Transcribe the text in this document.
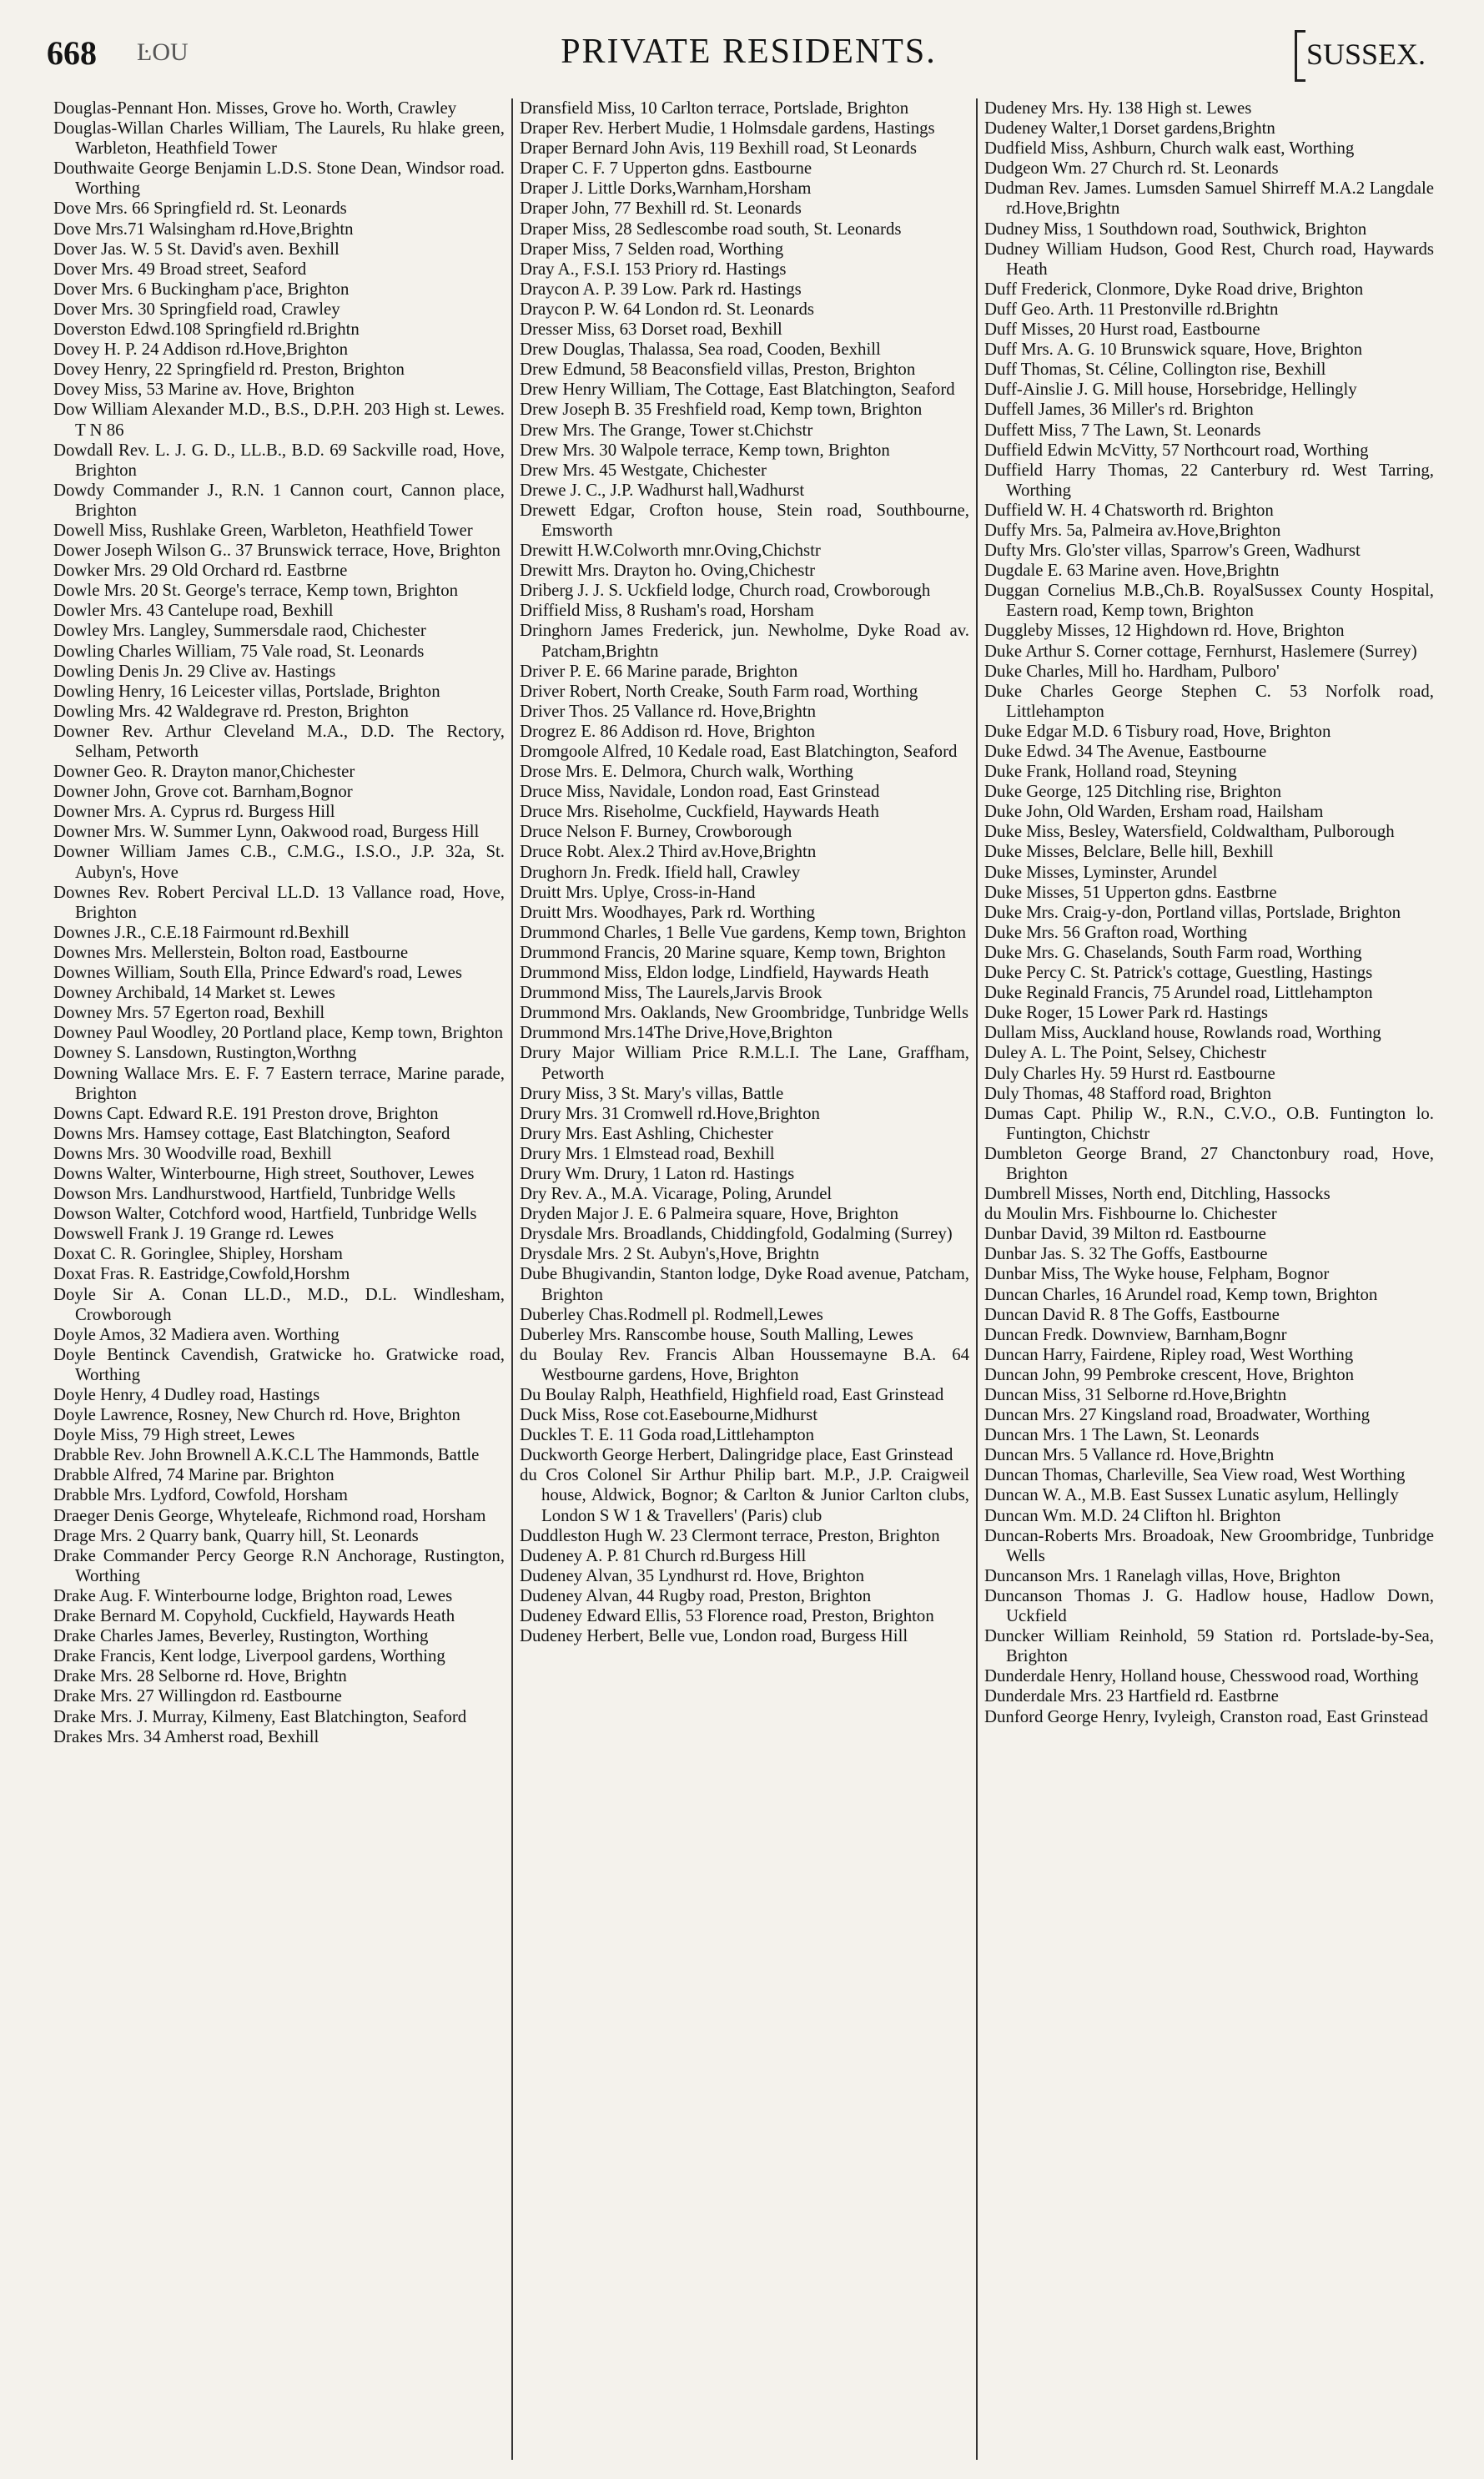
668 ĿOU	PRIVATE RESIDENTS.	SUSSEX.
Douglas-Pennant Hon. Misses, Grove ho. Worth, Crawley
Douglas-Willan Charles William, The Laurels, Ru hlake green, Warbleton, Heathfield Tower
Douthwaite George Benjamin L.D.S. Stone Dean, Windsor road. Worthing
Dove Mrs. 66 Springfield rd. St. Leonards
Dove Mrs.71 Walsingham rd.Hove,Brightn
Dover Jas. W. 5 St. David's aven. Bexhill
Dover Mrs. 49 Broad street, Seaford
Dover Mrs. 6 Buckingham p'ace, Brighton
Dover Mrs. 30 Springfield road, Crawley
Doverston Edwd.108 Springfield rd.Brightn
Dovey H. P. 24 Addison rd.Hove,Brighton
Dovey Henry, 22 Springfield rd. Preston, Brighton
Dovey Miss, 53 Marine av. Hove, Brighton
Dow William Alexander M.D., B.S., D.P.H. 203 High st. Lewes. T N 86
Dowdall Rev. L. J. G. D., LL.B., B.D. 69 Sackville road, Hove, Brighton
Dowdy Commander J., R.N. 1 Cannon court, Cannon place, Brighton
Dowell Miss, Rushlake Green, Warbleton, Heathfield Tower
Dower Joseph Wilson G.. 37 Brunswick terrace, Hove, Brighton
Dowker Mrs. 29 Old Orchard rd. Eastbrne
Dowle Mrs. 20 St. George's terrace, Kemp town, Brighton
Dowler Mrs. 43 Cantelupe road, Bexhill
Dowley Mrs. Langley, Summersdale raod, Chichester
Dowling Charles William, 75 Vale road, St. Leonards
Dowling Denis Jn. 29 Clive av. Hastings
Dowling Henry, 16 Leicester villas, Portslade, Brighton
Dowling Mrs. 42 Waldegrave rd. Preston, Brighton
Downer Rev. Arthur Cleveland M.A., D.D. The Rectory, Selham, Petworth
Downer Geo. R. Drayton manor,Chichester
Downer John, Grove cot. Barnham,Bognor
Downer Mrs. A. Cyprus rd. Burgess Hill
Downer Mrs. W. Summer Lynn, Oakwood road, Burgess Hill
Downer William James C.B., C.M.G., I.S.O., J.P. 32a, St. Aubyn's, Hove
Downes Rev. Robert Percival LL.D. 13 Vallance road, Hove, Brighton
Downes J.R., C.E.18 Fairmount rd.Bexhill
Downes Mrs. Mellerstein, Bolton road, Eastbourne
Downes William, South Ella, Prince Edward's road, Lewes
Downey Archibald, 14 Market st. Lewes
Downey Mrs. 57 Egerton road, Bexhill
Downey Paul Woodley, 20 Portland place, Kemp town, Brighton
Downey S. Lansdown, Rustington,Worthng
Downing Wallace Mrs. E. F. 7 Eastern terrace, Marine parade, Brighton
Downs Capt. Edward R.E. 191 Preston drove, Brighton
Downs Mrs. Hamsey cottage, East Blatchington, Seaford
Downs Mrs. 30 Woodville road, Bexhill
Downs Walter, Winterbourne, High street, Southover, Lewes
Dowson Mrs. Landhurstwood, Hartfield, Tunbridge Wells
Dowson Walter, Cotchford wood, Hartfield, Tunbridge Wells
Dowswell Frank J. 19 Grange rd. Lewes
Doxat C. R. Goringlee, Shipley, Horsham
Doxat Fras. R. Eastridge,Cowfold,Horshm
Doyle Sir A. Conan LL.D., M.D., D.L. Windlesham, Crowborough
Doyle Amos, 32 Madiera aven. Worthing
Doyle Bentinck Cavendish, Gratwicke ho. Gratwicke road, Worthing
Doyle Henry, 4 Dudley road, Hastings
Doyle Lawrence, Rosney, New Church rd. Hove, Brighton
Doyle Miss, 79 High street, Lewes
Drabble Rev. John Brownell A.K.C.L The Hammonds, Battle
Drabble Alfred, 74 Marine par. Brighton
Drabble Mrs. Lydford, Cowfold, Horsham
Draeger Denis George, Whyteleafe, Richmond road, Horsham
Drage Mrs. 2 Quarry bank, Quarry hill, St. Leonards
Drake Commander Percy George R.N Anchorage, Rustington, Worthing
Drake Aug. F. Winterbourne lodge, Brighton road, Lewes
Drake Bernard M. Copyhold, Cuckfield, Haywards Heath
Drake Charles James, Beverley, Rustington, Worthing
Drake Francis, Kent lodge, Liverpool gardens, Worthing
Drake Mrs. 28 Selborne rd. Hove, Brightn
Drake Mrs. 27 Willingdon rd. Eastbourne
Drake Mrs. J. Murray, Kilmeny, East Blatchington, Seaford
Drakes Mrs. 34 Amherst road, Bexhill
Dransfield Miss, 10 Carlton terrace, Portslade, Brighton
Draper Rev. Herbert Mudie, 1 Holmsdale gardens, Hastings
Draper Bernard John Avis, 119 Bexhill road, St Leonards
Draper C. F. 7 Upperton gdns. Eastbourne
Draper J. Little Dorks,Warnham,Horsham
Draper John, 77 Bexhill rd. St. Leonards
Draper Miss, 28 Sedlescombe road south, St. Leonards
Draper Miss, 7 Selden road, Worthing
Dray A., F.S.I. 153 Priory rd. Hastings
Draycon A. P. 39 Low. Park rd. Hastings
Draycon P. W. 64 London rd. St. Leonards
Dresser Miss, 63 Dorset road, Bexhill
Drew Douglas, Thalassa, Sea road, Cooden, Bexhill
Drew Edmund, 58 Beaconsfield villas, Preston, Brighton
Drew Henry William, The Cottage, East Blatchington, Seaford
Drew Joseph B. 35 Freshfield road, Kemp town, Brighton
Drew Mrs. The Grange, Tower st.Chichstr
Drew Mrs. 30 Walpole terrace, Kemp town, Brighton
Drew Mrs. 45 Westgate, Chichester
Drewe J. C., J.P. Wadhurst hall,Wadhurst
Drewett Edgar, Crofton house, Stein road, Southbourne, Emsworth
Drewitt H.W.Colworth mnr.Oving,Chichstr
Drewitt Mrs. Drayton ho. Oving,Chichestr
Driberg J. J. S. Uckfield lodge, Church road, Crowborough
Driffield Miss, 8 Rusham's road, Horsham
Dringhorn James Frederick, jun. Newholme, Dyke Road av. Patcham,Brightn
Driver P. E. 66 Marine parade, Brighton
Driver Robert, North Creake, South Farm road, Worthing
Driver Thos. 25 Vallance rd. Hove,Brightn
Drogrez E. 86 Addison rd. Hove, Brighton
Dromgoole Alfred, 10 Kedale road, East Blatchington, Seaford
Drose Mrs. E. Delmora, Church walk, Worthing
Druce Miss, Navidale, London road, East Grinstead
Druce Mrs. Riseholme, Cuckfield, Haywards Heath
Druce Nelson F. Burney, Crowborough
Druce Robt. Alex.2 Third av.Hove,Brightn
Drughorn Jn. Fredk. Ifield hall, Crawley
Druitt Mrs. Uplye, Cross-in-Hand
Druitt Mrs. Woodhayes, Park rd. Worthing
Drummond Charles, 1 Belle Vue gardens, Kemp town, Brighton
Drummond Francis, 20 Marine square, Kemp town, Brighton
Drummond Miss, Eldon lodge, Lindfield, Haywards Heath
Drummond Miss, The Laurels,Jarvis Brook
Drummond Mrs. Oaklands, New Groombridge, Tunbridge Wells
Drummond Mrs.14The Drive,Hove,Brighton
Drury Major William Price R.M.L.I. The Lane, Graffham, Petworth
Drury Miss, 3 St. Mary's villas, Battle
Drury Mrs. 31 Cromwell rd.Hove,Brighton
Drury Mrs. East Ashling, Chichester
Drury Mrs. 1 Elmstead road, Bexhill
Drury Wm. Drury, 1 Laton rd. Hastings
Dry Rev. A., M.A. Vicarage, Poling, Arundel
Dryden Major J. E. 6 Palmeira square, Hove, Brighton
Drysdale Mrs. Broadlands, Chiddingfold, Godalming (Surrey)
Drysdale Mrs. 2 St. Aubyn's,Hove, Brightn
Dube Bhugivandin, Stanton lodge, Dyke Road avenue, Patcham, Brighton
Duberley Chas.Rodmell pl. Rodmell,Lewes
Duberley Mrs. Ranscombe house, South Malling, Lewes
du Boulay Rev. Francis Alban Houssemayne B.A. 64 Westbourne gardens, Hove, Brighton
Du Boulay Ralph, Heathfield, Highfield road, East Grinstead
Duck Miss, Rose cot.Easebourne,Midhurst
Duckles T. E. 11 Goda road,Littlehampton
Duckworth George Herbert, Dalingridge place, East Grinstead
du Cros Colonel Sir Arthur Philip bart. M.P., J.P. Craigweil house, Aldwick, Bognor; & Carlton & Junior Carlton clubs, London S W 1 & Travellers' (Paris) club
Duddleston Hugh W. 23 Clermont terrace, Preston, Brighton
Dudeney A. P. 81 Church rd.Burgess Hill
Dudeney Alvan, 35 Lyndhurst rd. Hove, Brighton
Dudeney Alvan, 44 Rugby road, Preston, Brighton
Dudeney Edward Ellis, 53 Florence road, Preston, Brighton
Dudeney Herbert, Belle vue, London road, Burgess Hill
Dudeney Mrs. Hy. 138 High st. Lewes
Dudeney Walter,1 Dorset gardens,Brightn
Dudfield Miss, Ashburn, Church walk east, Worthing
Dudgeon Wm. 27 Church rd. St. Leonards
Dudman Rev. James. Lumsden Samuel Shirreff M.A.2 Langdale rd.Hove,Brightn
Dudney Miss, 1 Southdown road, Southwick, Brighton
Dudney William Hudson, Good Rest, Church road, Haywards Heath
Duff Frederick, Clonmore, Dyke Road drive, Brighton
Duff Geo. Arth. 11 Prestonville rd.Brightn
Duff Misses, 20 Hurst road, Eastbourne
Duff Mrs. A. G. 10 Brunswick square, Hove, Brighton
Duff Thomas, St. Céline, Collington rise, Bexhill
Duff-Ainslie J. G. Mill house, Horsebridge, Hellingly
Duffell James, 36 Miller's rd. Brighton
Duffett Miss, 7 The Lawn, St. Leonards
Duffield Edwin McVitty, 57 Northcourt road, Worthing
Duffield Harry Thomas, 22 Canterbury rd. West Tarring, Worthing
Duffield W. H. 4 Chatsworth rd. Brighton
Duffy Mrs. 5a, Palmeira av.Hove,Brighton
Dufty Mrs. Glo'ster villas, Sparrow's Green, Wadhurst
Dugdale E. 63 Marine aven. Hove,Brightn
Duggan Cornelius M.B.,Ch.B. RoyalSussex County Hospital, Eastern road, Kemp town, Brighton
Duggleby Misses, 12 Highdown rd. Hove, Brighton
Duke Arthur S. Corner cottage, Fernhurst, Haslemere (Surrey)
Duke Charles, Mill ho. Hardham, Pulboro'
Duke Charles George Stephen C. 53 Norfolk road, Littlehampton
Duke Edgar M.D. 6 Tisbury road, Hove, Brighton
Duke Edwd. 34 The Avenue, Eastbourne
Duke Frank, Holland road, Steyning
Duke George, 125 Ditchling rise, Brighton
Duke John, Old Warden, Ersham road, Hailsham
Duke Miss, Besley, Watersfield, Coldwaltham, Pulborough
Duke Misses, Belclare, Belle hill, Bexhill
Duke Misses, Lyminster, Arundel
Duke Misses, 51 Upperton gdns. Eastbrne
Duke Mrs. Craig-y-don, Portland villas, Portslade, Brighton
Duke Mrs. 56 Grafton road, Worthing
Duke Mrs. G. Chaselands, South Farm road, Worthing
Duke Percy C. St. Patrick's cottage, Guestling, Hastings
Duke Reginald Francis, 75 Arundel road, Littlehampton
Duke Roger, 15 Lower Park rd. Hastings
Dullam Miss, Auckland house, Rowlands road, Worthing
Duley A. L. The Point, Selsey, Chichestr
Duly Charles Hy. 59 Hurst rd. Eastbourne
Duly Thomas, 48 Stafford road, Brighton
Dumas Capt. Philip W., R.N., C.V.O., O.B. Funtington lo. Funtington, Chichstr
Dumbleton George Brand, 27 Chanctonbury road, Hove, Brighton
Dumbrell Misses, North end, Ditchling, Hassocks
du Moulin Mrs. Fishbourne lo. Chichester
Dunbar David, 39 Milton rd. Eastbourne
Dunbar Jas. S. 32 The Goffs, Eastbourne
Dunbar Miss, The Wyke house, Felpham, Bognor
Duncan Charles, 16 Arundel road, Kemp town, Brighton
Duncan David R. 8 The Goffs, Eastbourne
Duncan Fredk. Downview, Barnham,Bognr
Duncan Harry, Fairdene, Ripley road, West Worthing
Duncan John, 99 Pembroke crescent, Hove, Brighton
Duncan Miss, 31 Selborne rd.Hove,Brightn
Duncan Mrs. 27 Kingsland road, Broadwater, Worthing
Duncan Mrs. 1 The Lawn, St. Leonards
Duncan Mrs. 5 Vallance rd. Hove,Brightn
Duncan Thomas, Charleville, Sea View road, West Worthing
Duncan W. A., M.B. East Sussex Lunatic asylum, Hellingly
Duncan Wm. M.D. 24 Clifton hl. Brighton
Duncan-Roberts Mrs. Broadoak, New Groombridge, Tunbridge Wells
Duncanson Mrs. 1 Ranelagh villas, Hove, Brighton
Duncanson Thomas J. G. Hadlow house, Hadlow Down, Uckfield
Duncker William Reinhold, 59 Station rd. Portslade-by-Sea, Brighton
Dunderdale Henry, Holland house, Chesswood road, Worthing
Dunderdale Mrs. 23 Hartfield rd. Eastbrne
Dunford George Henry, Ivyleigh, Cranston road, East Grinstead
